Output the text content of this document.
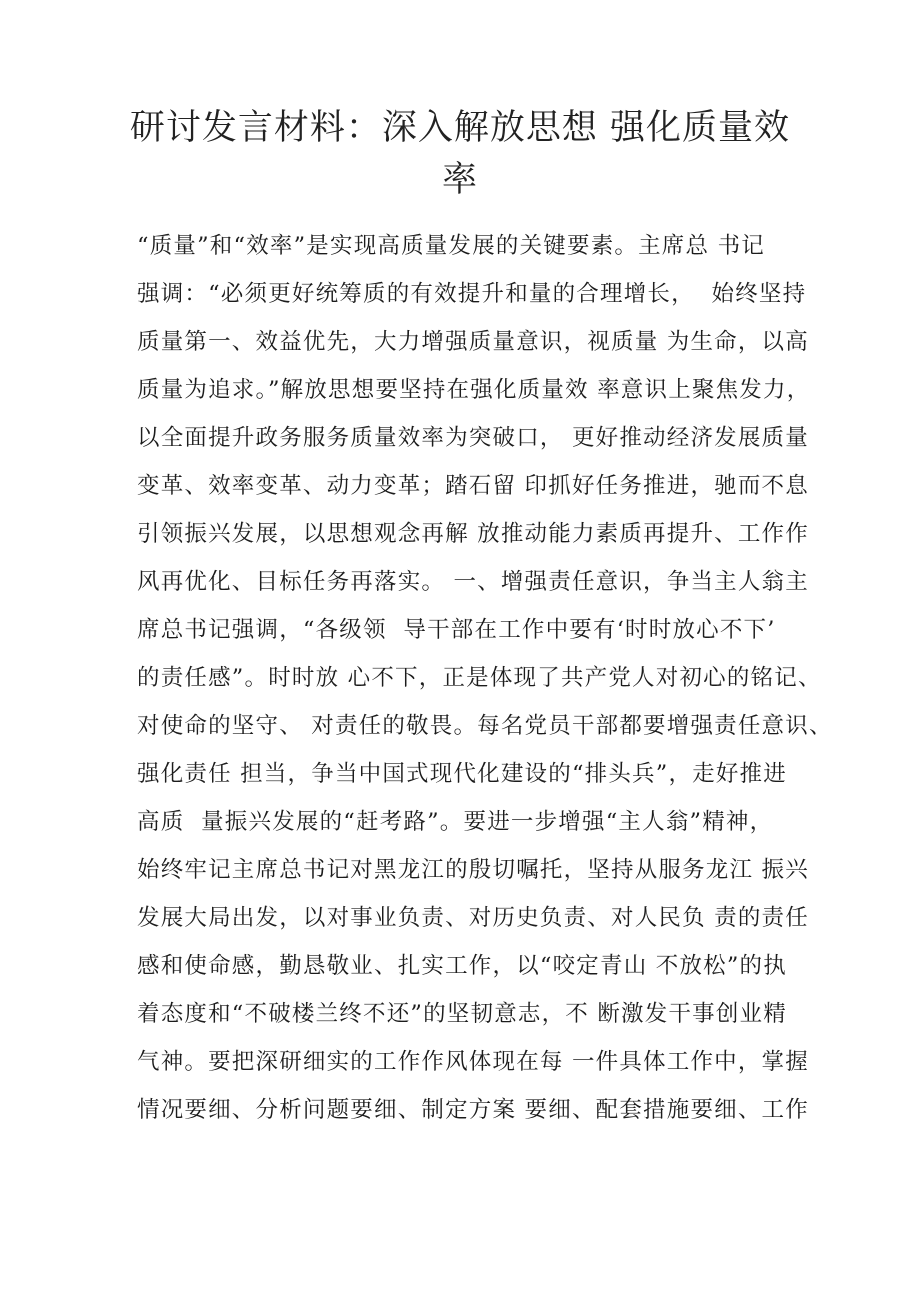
研讨发言材料：深入解放思想 强化质量效
率
“质量”和“效率”是实现高质量发展的关键要素。主席总 书记
强调：“必须更好统筹质的有效提升和量的合理增长，  始终坚持
质量第一、效益优先，大力增强质量意识，视质量 为生命，以高
质量为追求。”解放思想要坚持在强化质量效 率意识上聚焦发力，
以全面提升政务服务质量效率为突破口， 更好推动经济发展质量
变革、效率变革、动力变革；踏石留 印抓好任务推进，驰而不息
引领振兴发展，以思想观念再解 放推动能力素质再提升、工作作
风再优化、目标任务再落实。 一、增强责任意识，争当主人翁主
席总书记强调，“各级领  导干部在工作中要有‘时时放心不下’
的责任感”。时时放 心不下，正是体现了共产党人对初心的铭记、
对使命的坚守、 对责任的敬畏。每名党员干部都要增强责任意识、
强化责任 担当，争当中国式现代化建设的“排头兵”，走好推进
高质  量振兴发展的“赶考路”。要进一步增强“主人翁”精神，
始终牢记主席总书记对黑龙江的殷切嘱托，坚持从服务龙江 振兴
发展大局出发，以对事业负责、对历史负责、对人民负 责的责任
感和使命感，勤恳敬业、扎实工作，以“咬定青山 不放松”的执
着态度和“不破楼兰终不还”的坚韧意志，不 断激发干事创业精
气神。要把深研细实的工作作风体现在每 一件具体工作中，掌握
情况要细、分析问题要细、制定方案 要细、配套措施要细、工作
